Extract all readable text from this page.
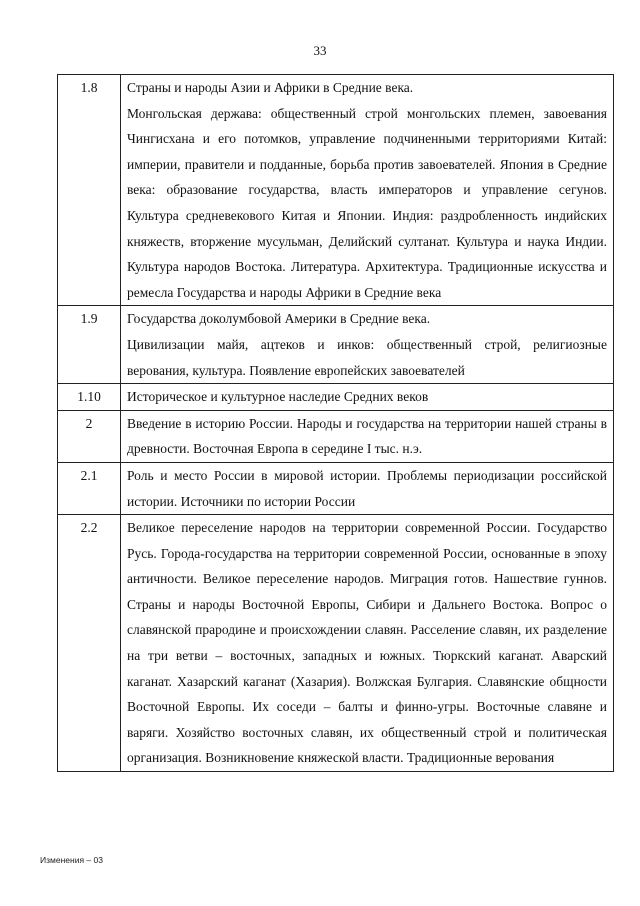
33
1.8	Страны и народы Азии и Африки в Средние века.
Монгольская держава: общественный строй монгольских племен, завоевания Чингисхана и его потомков, управление подчиненными территориями Китай: империи, правители и подданные, борьба против завоевателей. Япония в Средние века: образование государства, власть императоров и управление сегунов. Культура средневекового Китая и Японии. Индия: раздробленность индийских княжеств, вторжение мусульман, Делийский султанат. Культура и наука Индии. Культура народов Востока. Литература. Архитектура. Традиционные искусства и ремесла Государства и народы Африки в Средние века

1.9	Государства доколумбовой Америки в Средние века.
Цивилизации майя, ацтеков и инков: общественный строй, религиозные верования, культура. Появление европейских завоевателей

1.10	Историческое и культурное наследие Средних веков

2	Введение в историю России. Народы и государства на территории нашей страны в древности. Восточная Европа в середине I тыс. н.э.

2.1	Роль и место России в мировой истории. Проблемы периодизации российской истории. Источники по истории России

2.2	Великое переселение народов на территории современной России. Государство Русь. Города-государства на территории современной России, основанные в эпоху античности. Великое переселение народов. Миграция готов. Нашествие гуннов. Страны и народы Восточной Европы, Сибири и Дальнего Востока. Вопрос о славянской прародине и происхождении славян. Расселение славян, их разделение на три ветви – восточных, западных и южных. Тюркский каганат. Аварский каганат. Хазарский каганат (Хазария). Волжская Булгария. Славянские общности Восточной Европы. Их соседи – балты и финно-угры. Восточные славяне и варяги. Хозяйство восточных славян, их общественный строй и политическая организация. Возникновение княжеской власти. Традиционные верования
Изменения – 03
